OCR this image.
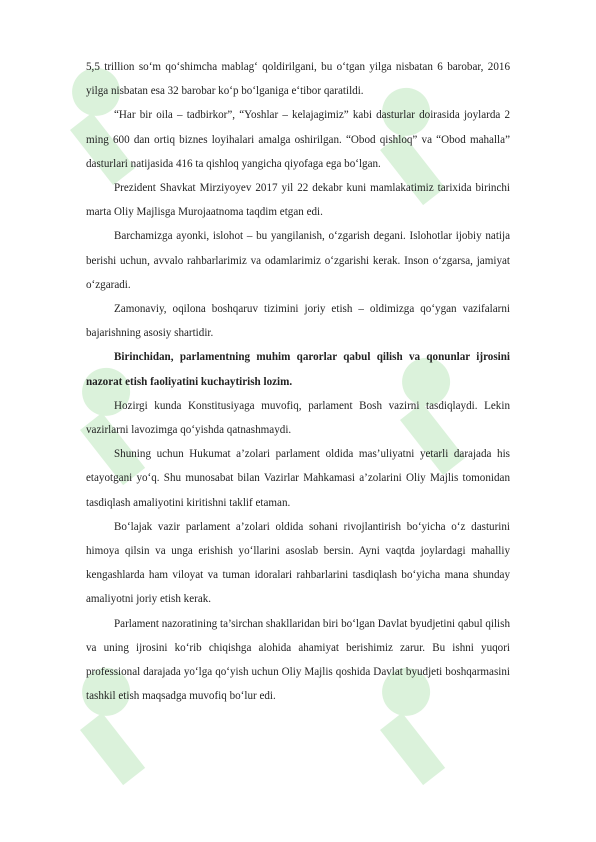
5,5 trillion so‘m qo‘shimcha mablag‘ qoldirilgani, bu o‘tgan yilga nisbatan 6 barobar, 2016 yilga nisbatan esa 32 barobar ko‘p bo‘lganiga e‘tibor qaratildi.

“Har bir oila – tadbirkor”, “Yoshlar – kelajagimiz” kabi dasturlar doirasida joylarda 2 ming 600 dan ortiq biznes loyihalari amalga oshirilgan. “Obod qishloq” va “Obod mahalla” dasturlari natijasida 416 ta qishloq yangicha qiyofaga ega bo‘lgan.

Prezident Shavkat Mirziyoyev 2017 yil 22 dekabr kuni mamlakatimiz tarixida birinchi marta Oliy Majlisga Murojaatnoma taqdim etgan edi.

Barchamizga ayonki, islohot – bu yangilanish, o‘zgarish degani. Islohotlar ijobiy natija berishi uchun, avvalo rahbarlarimiz va odamlarimiz o‘zgarishi kerak. Inson o‘zgarsa, jamiyat o‘zgaradi.

Zamonaviy, oqilona boshqaruv tizimini joriy etish – oldimizga qo‘ygan vazifalarni bajarishning asosiy shartidir.

Birinchidan, parlamentning muhim qarorlar qabul qilish va qonunlar ijrosini nazorat etish faoliyatini kuchaytirish lozim.

Hozirgi kunda Konstitusiyaga muvofiq, parlament Bosh vazirni tasdiqlaydi. Lekin vazirlarni lavozimga qo‘yishda qatnashmaydi.

Shuning uchun Hukumat a’zolari parlament oldida mas’uliyatni yetarli darajada his etayotgani yo‘q. Shu munosabat bilan Vazirlar Mahkamasi a’zolarini Oliy Majlis tomonidan tasdiqlash amaliyotini kiritishni taklif etaman.

Bo‘lajak vazir parlament a’zolari oldida sohani rivojlantirish bo‘yicha o‘z dasturini himoya qilsin va unga erishish yo‘llarini asoslab bersin. Ayni vaqtda joylardagi mahalliy kengashlarda ham viloyat va tuman idoralari rahbarlarini tasdiqlash bo‘yicha mana shunday amaliyotni joriy etish kerak.

Parlament nazoratining ta’sirchan shakllaridan biri bo‘lgan Davlat byudjetini qabul qilish va uning ijrosini ko‘rib chiqishga alohida ahamiyat berishimiz zarur. Bu ishni yuqori professional darajada yo‘lga qo‘yish uchun Oliy Majlis qoshida Davlat byudjeti boshqarmasini tashkil etish maqsadga muvofiq bo‘lur edi.
